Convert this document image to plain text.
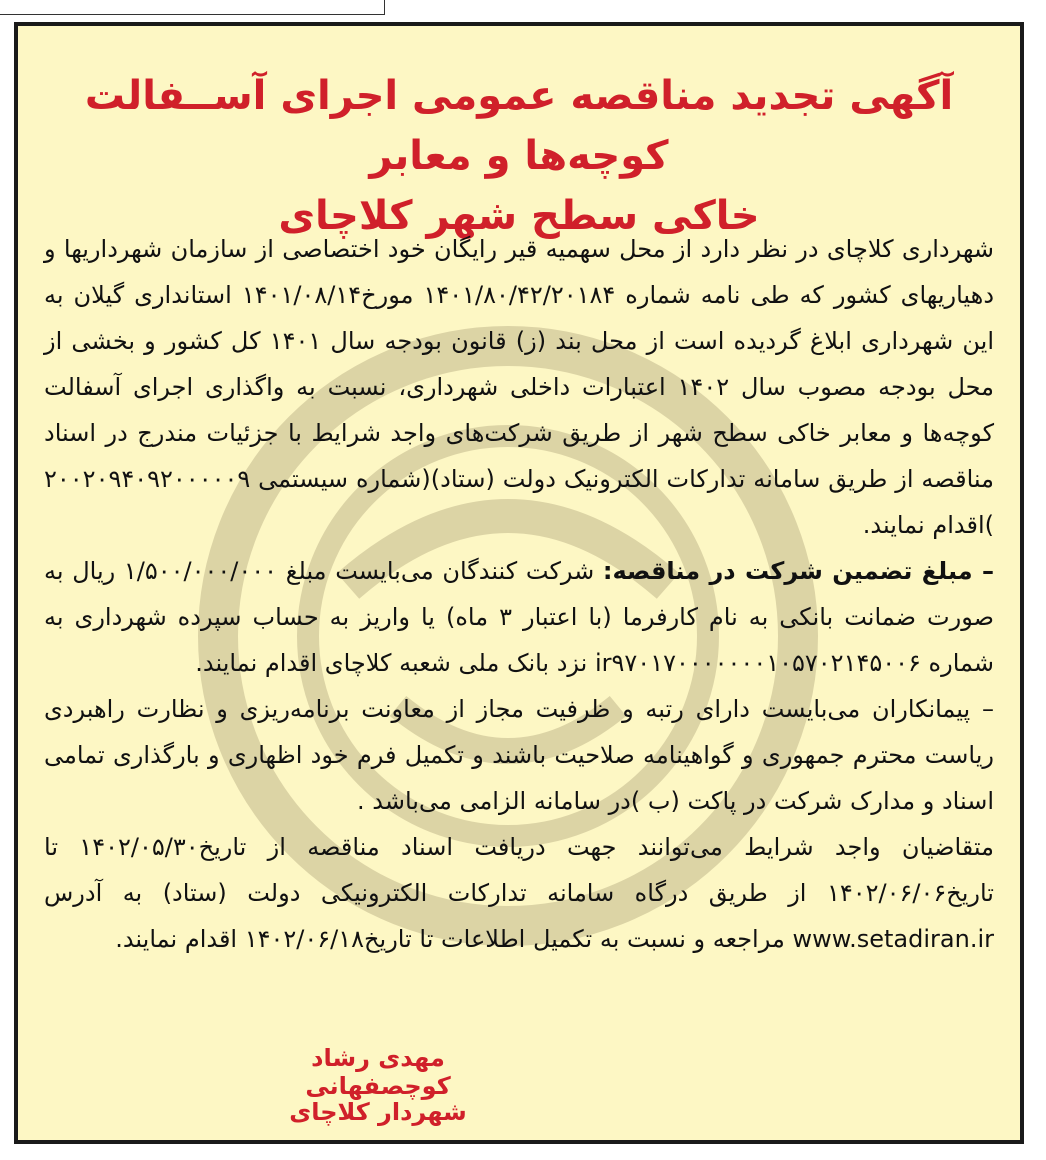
آگهی تجدید مناقصه عمومی اجرای آســفالت کوچه‌ها و معابر
خاکی سطح شهر کلاچای

شهرداری کلاچای در نظر دارد از محل سهمیه قیر رایگان خود اختصاصی از سازمان شهرداریها و دهیاریهای کشور که طی نامه شماره ۱۴۰۱/۸۰/۴۲/۲۰۱۸۴ مورخ۱۴۰۱/۰۸/۱۴ استانداری گیلان به این شهرداری ابلاغ گردیده است از محل بند (ز) قانون بودجه سال ۱۴۰۱ کل کشور و بخشی از محل بودجه مصوب سال ۱۴۰۲ اعتبارات داخلی شهرداری، نسبت به واگذاری اجرای آسفالت کوچه‌ها و معابر خاکی سطح شهر از طریق شرکت‌های واجد شرایط با جزئیات مندرج در اسناد مناقصه از طریق سامانه تدارکات الکترونیک دولت (ستاد)(شماره سیستمی ۲۰۰۲۰۹۴۰۹۲۰۰۰۰۰۹ )اقدام نمایند.

– مبلغ تضمین شرکت در مناقصه: شرکت کنندگان می‌بایست مبلغ ۱/۵۰۰/۰۰۰/۰۰۰ ریال به صورت ضمانت بانکی به نام کارفرما (با اعتبار ۳ ماه) یا واریز به حساب سپرده شهرداری به شماره ir۹۷۰۱۷۰۰۰۰۰۰۰۱۰۵۷۰۲۱۴۵۰۰۶ نزد بانک ملی شعبه کلاچای اقدام نمایند.

– پیمانکاران می‌بایست دارای رتبه و ظرفیت مجاز از معاونت برنامه‌ریزی و نظارت راهبردی ریاست محترم جمهوری و گواهینامه صلاحیت باشند و تکمیل فرم خود اظهاری و بارگذاری تمامی اسناد و مدارک شرکت در پاکت (ب )در سامانه الزامی می‌باشد .

متقاضیان واجد شرایط می‌توانند جهت دریافت اسناد مناقصه از تاریخ۱۴۰۲/۰۵/۳۰ تا تاریخ۱۴۰۲/۰۶/۰۶ از طریق درگاه سامانه تدارکات الکترونیکی دولت (ستاد) به آدرس www.setadiran.ir مراجعه و نسبت به تکمیل اطلاعات تا تاریخ۱۴۰۲/۰۶/۱۸ اقدام نمایند.

مهدی رشاد کوچصفهانی
شهردار کلاچای
